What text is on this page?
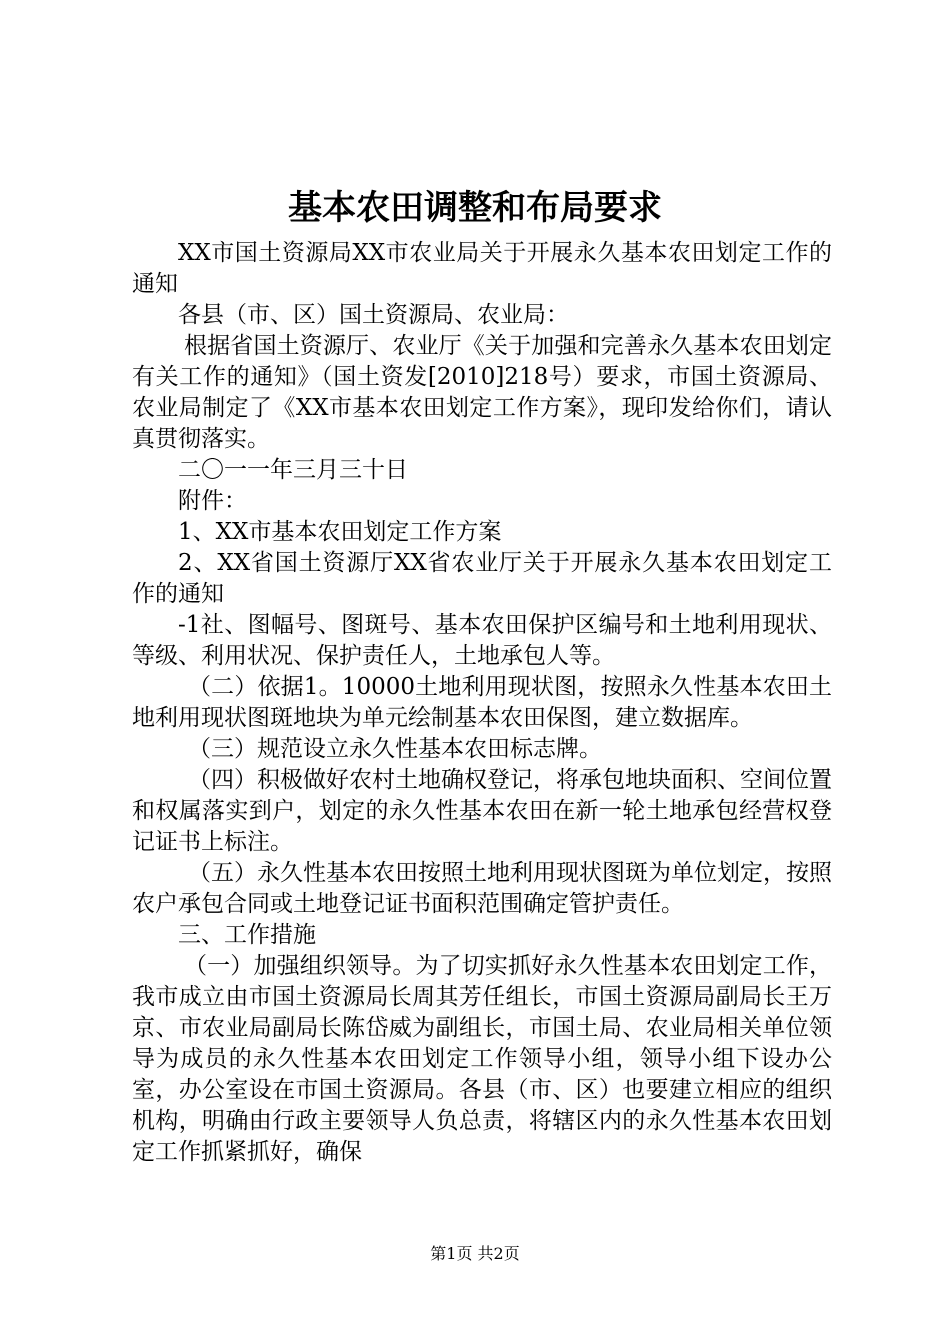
基本农田调整和布局要求

XX市国土资源局XX市农业局关于开展永久基本农田划定工作的通知

各县（市、区）国土资源局、农业局：

根据省国土资源厅、农业厅《关于加强和完善永久基本农田划定有关工作的通知》（国土资发[2010]218号）要求，市国土资源局、农业局制定了《XX市基本农田划定工作方案》，现印发给你们，请认真贯彻落实。

二〇一一年三月三十日

附件：

1、XX市基本农田划定工作方案

2、XX省国土资源厅XX省农业厅关于开展永久基本农田划定工作的通知

-1社、图幅号、图斑号、基本农田保护区编号和土地利用现状、等级、利用状况、保护责任人，土地承包人等。

（二）依据1。10000土地利用现状图，按照永久性基本农田土地利用现状图斑地块为单元绘制基本农田保图，建立数据库。

（三）规范设立永久性基本农田标志牌。

（四）积极做好农村土地确权登记，将承包地块面积、空间位置和权属落实到户，划定的永久性基本农田在新一轮土地承包经营权登记证书上标注。

（五）永久性基本农田按照土地利用现状图斑为单位划定，按照农户承包合同或土地登记证书面积范围确定管护责任。

三、工作措施

（一）加强组织领导。为了切实抓好永久性基本农田划定工作，我市成立由市国土资源局长周其芳任组长，市国土资源局副局长王万京、市农业局副局长陈岱威为副组长，市国土局、农业局相关单位领导为成员的永久性基本农田划定工作领导小组，领导小组下设办公室，办公室设在市国土资源局。各县（市、区）也要建立相应的组织机构，明确由行政主要领导人负总责，将辖区内的永久性基本农田划定工作抓紧抓好，确保

第1页 共2页
